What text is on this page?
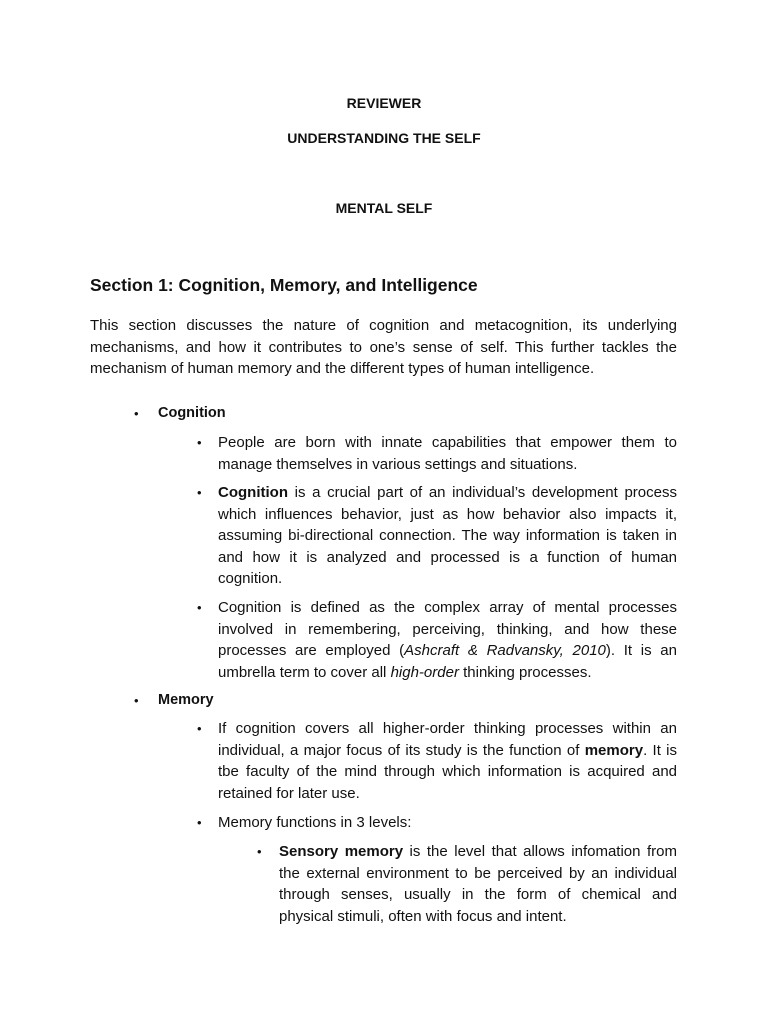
REVIEWER
UNDERSTANDING THE SELF
MENTAL SELF
Section 1: Cognition, Memory, and Intelligence

This section discusses the nature of cognition and metacognition, its underlying mechanisms, and how it contributes to one’s sense of self. This further tackles the mechanism of human memory and the different types of human intelligence.

• Cognition
• People are born with innate capabilities that empower them to manage themselves in various settings and situations.

• Cognition is a crucial part of an individual’s development process which influences behavior, just as how behavior also impacts it, assuming bi-directional connection. The way information is taken in and how it is analyzed and processed is a function of human cognition.

• Cognition is defined as the complex array of mental processes involved in remembering, perceiving, thinking, and how these processes are employed (Ashcraft & Radvansky, 2010). It is an umbrella term to cover all high-order thinking processes.

• Memory
• If cognition covers all higher-order thinking processes within an individual, a major focus of its study is the function of memory. It is tbe faculty of the mind through which information is acquired and retained for later use.

• Memory functions in 3 levels:

• Sensory memory is the level that allows infomation from the external environment to be perceived by an individual through senses, usually in the form of chemical and physical stimuli, often with focus and intent.
